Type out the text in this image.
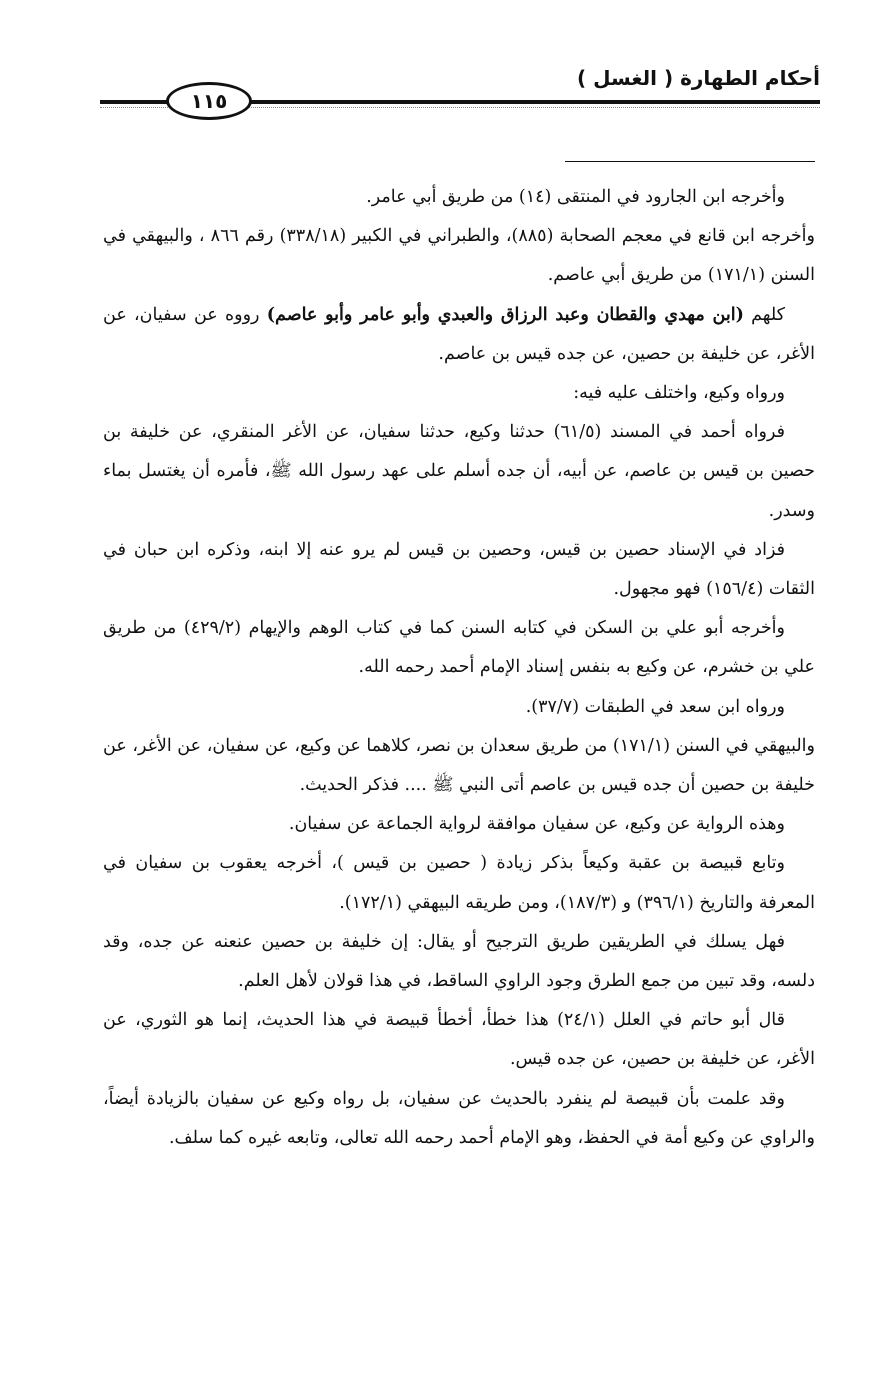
أحكام الطهارة ( الغسل )
١١٥

وأخرجه ابن الجارود في المنتقى (١٤) من طريق أبي عامر.

وأخرجه ابن قانع في معجم الصحابة (٨٨٥)، والطبراني في الكبير (٣٣٨/١٨) رقم ٨٦٦ ، والبيهقي في السنن (١٧١/١) من طريق أبي عاصم.

كلهم (ابن مهدي والقطان وعبد الرزاق والعبدي وأبو عامر وأبو عاصم) رووه عن سفيان، عن الأغر، عن خليفة بن حصين، عن جده قيس بن عاصم.

ورواه وكيع، واختلف عليه فيه:

فرواه أحمد في المسند (٦١/٥) حدثنا وكيع، حدثنا سفيان، عن الأغر المنقري، عن خليفة بن حصين بن قيس بن عاصم، عن أبيه، أن جده أسلم على عهد رسول الله ﷺ، فأمره أن يغتسل بماء وسدر.

فزاد في الإسناد حصين بن قيس، وحصين بن قيس لم يرو عنه إلا ابنه، وذكره ابن حبان في الثقات (١٥٦/٤) فهو مجهول.

وأخرجه أبو علي بن السكن في كتابه السنن كما في كتاب الوهم والإيهام (٤٢٩/٢) من طريق علي بن خشرم، عن وكيع به بنفس إسناد الإمام أحمد رحمه الله.

ورواه ابن سعد في الطبقات (٣٧/٧).

والبيهقي في السنن (١٧١/١) من طريق سعدان بن نصر، كلاهما عن وكيع، عن سفيان، عن الأغر، عن خليفة بن حصين أن جده قيس بن عاصم أتى النبي ﷺ .... فذكر الحديث.

وهذه الرواية عن وكيع، عن سفيان موافقة لرواية الجماعة عن سفيان.

وتابع قبيصة بن عقبة وكيعاً بذكر زيادة ( حصين بن قيس )، أخرجه يعقوب بن سفيان في المعرفة والتاريخ (٣٩٦/١) و (١٨٧/٣)، ومن طريقه البيهقي (١٧٢/١).

فهل يسلك في الطريقين طريق الترجيح أو يقال: إن خليفة بن حصين عنعنه عن جده، وقد دلسه، وقد تبين من جمع الطرق وجود الراوي الساقط، في هذا قولان لأهل العلم.

قال أبو حاتم في العلل (٢٤/١) هذا خطأ، أخطأ قبيصة في هذا الحديث، إنما هو الثوري، عن الأغر، عن خليفة بن حصين، عن جده قيس.

وقد علمت بأن قبيصة لم ينفرد بالحديث عن سفيان، بل رواه وكيع عن سفيان بالزيادة أيضاً، والراوي عن وكيع أمة في الحفظ، وهو الإمام أحمد رحمه الله تعالى، وتابعه غيره كما سلف.
